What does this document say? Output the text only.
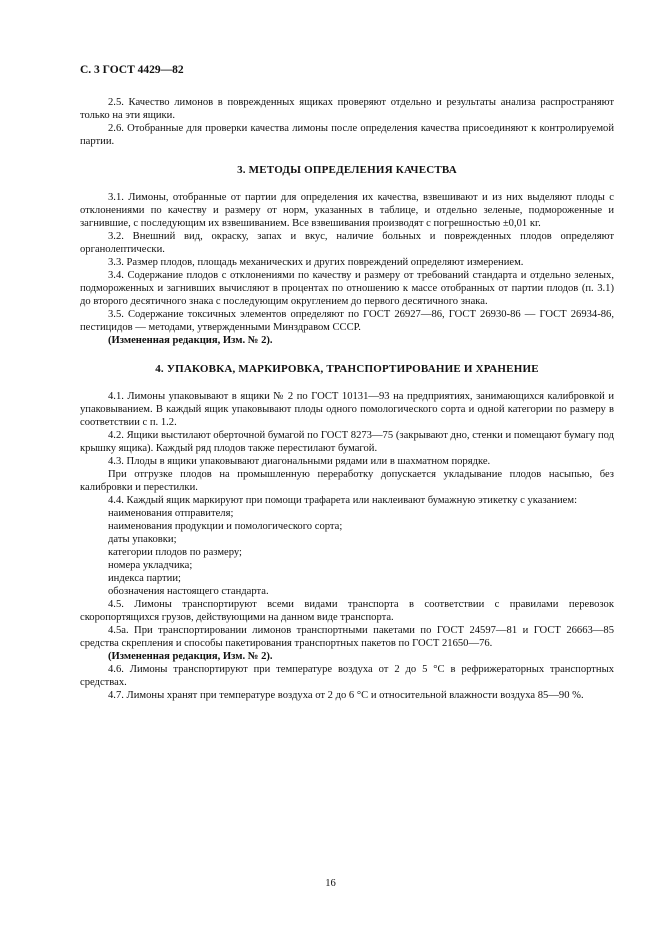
С. 3 ГОСТ 4429—82

2.5. Качество лимонов в поврежденных ящиках проверяют отдельно и результаты анализа распространяют только на эти ящики.

2.6. Отобранные для проверки качества лимоны после определения качества присоединяют к контролируемой партии.

3. МЕТОДЫ ОПРЕДЕЛЕНИЯ КАЧЕСТВА

3.1. Лимоны, отобранные от партии для определения их качества, взвешивают и из них выделяют плоды с отклонениями по качеству и размеру от норм, указанных в таблице, и отдельно зеленые, подмороженные и загнившие, с последующим их взвешиванием. Все взвешивания производят с погрешностью ±0,01 кг.

3.2. Внешний вид, окраску, запах и вкус, наличие больных и поврежденных плодов определяют органолептически.

3.3. Размер плодов, площадь механических и других повреждений определяют измерением.

3.4. Содержание плодов с отклонениями по качеству и размеру от требований стандарта и отдельно зеленых, подмороженных и загнивших вычисляют в процентах по отношению к массе отобранных от партии плодов (п. 3.1) до второго десятичного знака с последующим округлением до первого десятичного знака.

3.5. Содержание токсичных элементов определяют по ГОСТ 26927—86, ГОСТ 26930-86 — ГОСТ 26934-86, пестицидов — методами, утвержденными Минздравом СССР.

(Измененная редакция, Изм. № 2).

4. УПАКОВКА, МАРКИРОВКА, ТРАНСПОРТИРОВАНИЕ И ХРАНЕНИЕ

4.1. Лимоны упаковывают в ящики № 2 по ГОСТ 10131—93 на предприятиях, занимающихся калибровкой и упаковыванием. В каждый ящик упаковывают плоды одного помологического сорта и одной категории по размеру в соответствии с п. 1.2.

4.2. Ящики выстилают оберточной бумагой по ГОСТ 8273—75 (закрывают дно, стенки и помещают бумагу под крышку ящика). Каждый ряд плодов также перестилают бумагой.

4.3. Плоды в ящики упаковывают диагональными рядами или в шахматном порядке.

При отгрузке плодов на промышленную переработку допускается укладывание плодов насыпью, без калибровки и перестилки.

4.4. Каждый ящик маркируют при помощи трафарета или наклеивают бумажную этикетку с указанием:

наименования отправителя;

наименования продукции и помологического сорта;

даты упаковки;

категории плодов по размеру;

номера укладчика;

индекса партии;

обозначения настоящего стандарта.

4.5. Лимоны транспортируют всеми видами транспорта в соответствии с правилами перевозок скоропортящихся грузов, действующими на данном виде транспорта.

4.5а. При транспортировании лимонов транспортными пакетами по ГОСТ 24597—81 и ГОСТ 26663—85 средства скрепления и способы пакетирования транспортных пакетов по ГОСТ 21650—76.

(Измененная редакция, Изм. № 2).

4.6. Лимоны транспортируют при температуре воздуха от 2 до 5 °С в рефрижераторных транспортных средствах.

4.7. Лимоны хранят при температуре воздуха от 2 до 6 °С и относительной влажности воздуха 85—90 %.

16
